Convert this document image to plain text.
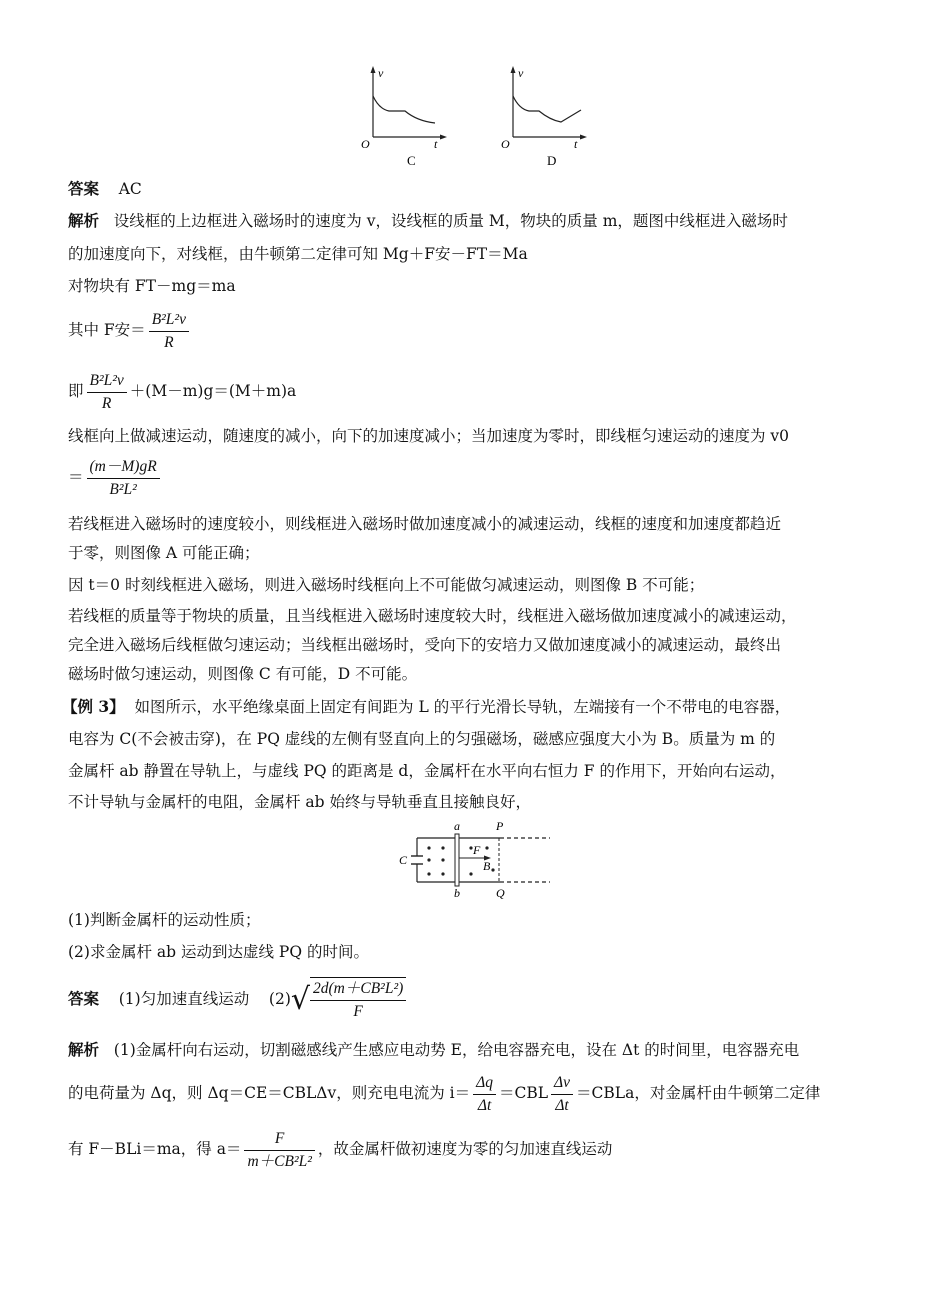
v
t
O
C
v
t
O
D
答案 AC
解析 设线框的上边框进入磁场时的速度为 v，设线框的质量 M，物块的质量 m，题图中线框进入磁场时
的加速度向下，对线框，由牛顿第二定律可知 Mg＋F安－FT＝Ma
对物块有 FT－mg＝ma
其中 F安＝ $\frac{\text{B²L²v}}{R}$
即 $\frac{\text{B²L²v}}{R} +(M-m)g=(M+m)a$
线框向上做减速运动，随速度的减小，向下的加速度减小；当加速度为零时，即线框匀速运动的速度为 v0
＝ $\frac{(m-M)gR}{\text{B²L²}}$
若线框进入磁场时的速度较小，则线框进入磁场时做加速度减小的减速运动，线框的速度和加速度都趋近
于零，则图像 A 可能正确；
因 t＝0 时刻线框进入磁场，则进入磁场时线框向上不可能做匀减速运动，则图像 B 不可能；
若线框的质量等于物块的质量，且当线框进入磁场时速度较大时，线框进入磁场做加速度减小的减速运动，
完全进入磁场后线框做匀速运动；当线框出磁场时，受向下的安培力又做加速度减小的减速运动，最终出
磁场时做匀速运动，则图像 C 有可能，D 不可能。
【例 3】 如图所示，水平绝缘桌面上固定有间距为 L 的平行光滑长导轨，左端接有一个不带电的电容器，
电容为 C(不会被击穿)，在 PQ 虚线的左侧有竖直向上的匀强磁场，磁感应强度大小为 B。质量为 m 的
金属杆 ab 静置在导轨上，与虚线 PQ 的距离是 d，金属杆在水平向右恒力 F 的作用下，开始向右运动，
不计导轨与金属杆的电阻，金属杆 ab 始终与导轨垂直且接触良好，
a
b
P
Q
C
F
B
(1)判断金属杆的运动性质；
(2)求金属杆 ab 运动到达虚线 PQ 的时间。
答案 (1)匀加速直线运动 $(2)√ \frac{\text{2d(m＋CB²L²)}}{F}$
解析 (1)金属杆向右运动，切割磁感线产生感应电动势 E，给电容器充电，设在 Δt 的时间里，电容器充电
的电荷量为 Δq，则 Δq＝CE＝CBLΔv，则充电电流为 $i= \frac{\Delta q}{\Delta t} =CBL \frac{\Delta v}{\Delta t}$ ＝CBLa，对金属杆由牛顿第二定律
有 F－BLi＝ma，得 $a= \frac{F}{\text{m＋CB²L²}}$ ，故金属杆做初速度为零的匀加速直线运动
